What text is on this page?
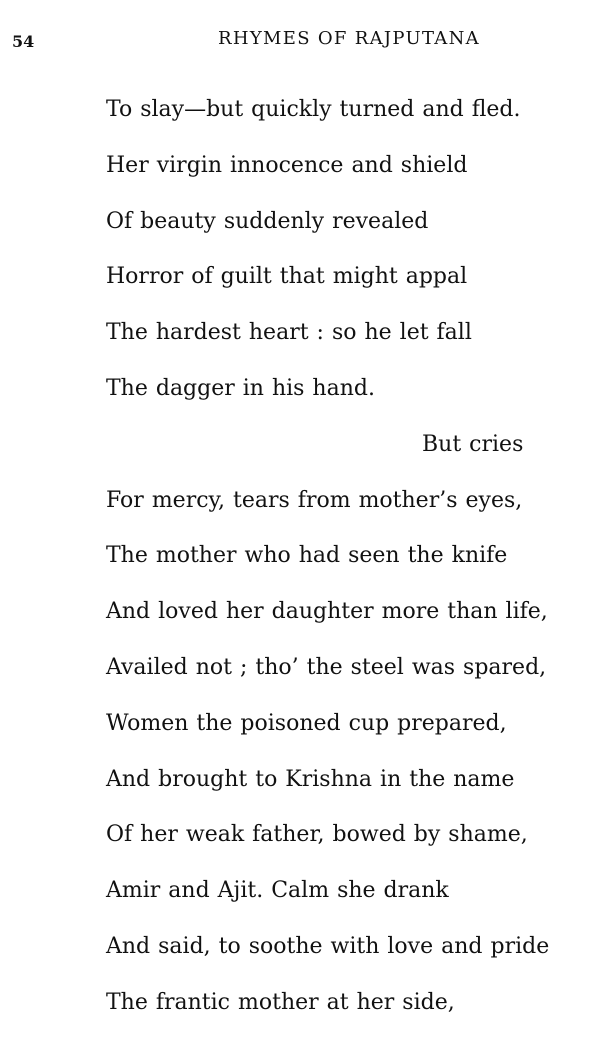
54	RHYMES OF RAJPUTANA
To slay—but quickly turned and fled.
Her virgin innocence and shield
Of beauty suddenly revealed
Horror of guilt that might appal
The hardest heart : so he let fall
The dagger in his hand.
But cries
For mercy, tears from mother’s eyes,
The mother who had seen the knife
And loved her daughter more than life,
Availed not ; tho’ the steel was spared,
Women the poisoned cup prepared,
And brought to Krishna in the name
Of her weak father, bowed by shame,
Amir and Ajit. Calm she drank
And said, to soothe with love and pride
The frantic mother at her side,
